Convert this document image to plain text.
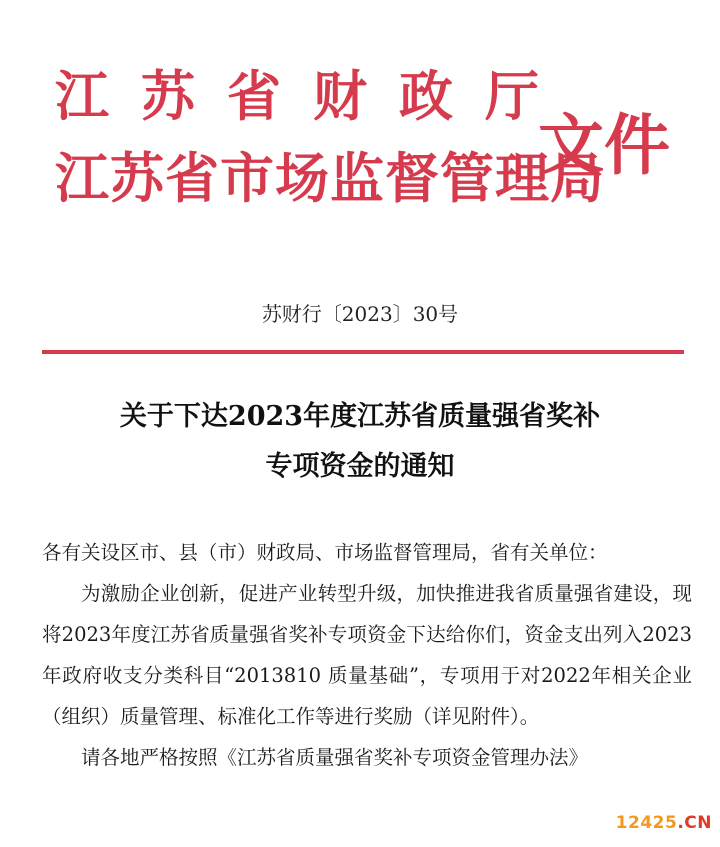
江苏省财政厅
江苏省市场监督管理局
文件
苏财行〔2023〕30号
关于下达2023年度江苏省质量强省奖补
专项资金的通知

各有关设区市、县（市）财政局、市场监督管理局，省有关单位：

为激励企业创新，促进产业转型升级，加快推进我省质量强省建设，现将2023年度江苏省质量强省奖补专项资金下达给你们，资金支出列入2023年政府收支分类科目“2013810 质量基础”，专项用于对2022年相关企业（组织）质量管理、标准化工作等进行奖励（详见附件）。

请各地严格按照《江苏省质量强省奖补专项资金管理办法》

12425.CN
